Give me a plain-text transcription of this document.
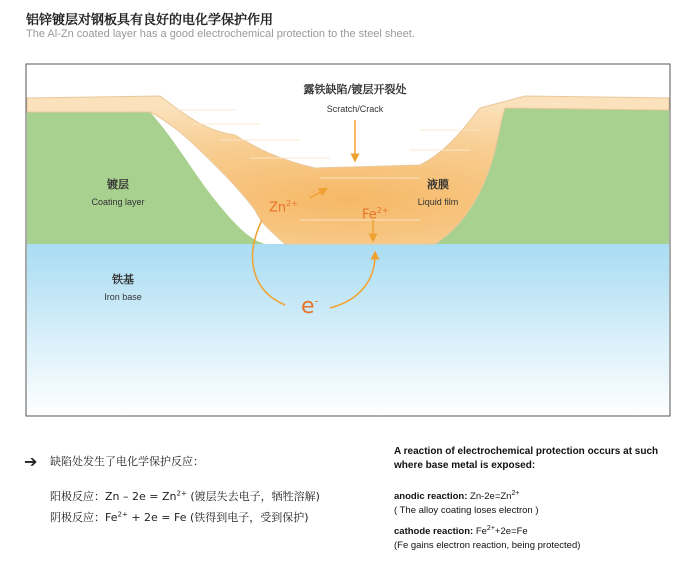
铝锌镀层对钢板具有良好的电化学保护作用
The Al-Zn coated layer has a good electrochemical protection to the steel sheet.
露铁缺陷/镀层开裂处
Scratch/Crack
镀层
Coating layer
液膜
Liquid film
铁基
Iron base
$Zn^{2+}$
$Fe^{2+}$
e-
➔ 缺陷处发生了电化学保护反应：
阳极反应：$Zn - 2e = Zn^{2+}$ (镀层失去电子，牺牲溶解)
阴极反应：$Fe^{2+} + 2e = Fe$ (铁得到电子，受到保护)
A reaction of electrochemical protection occurs at such where base metal is exposed:
anodic reaction: $Zn-2e=Zn^{2+}$
( The alloy coating loses electron )
cathode reaction: $Fe^{2+}+2e=Fe$
(Fe gains electron reaction, being protected)
